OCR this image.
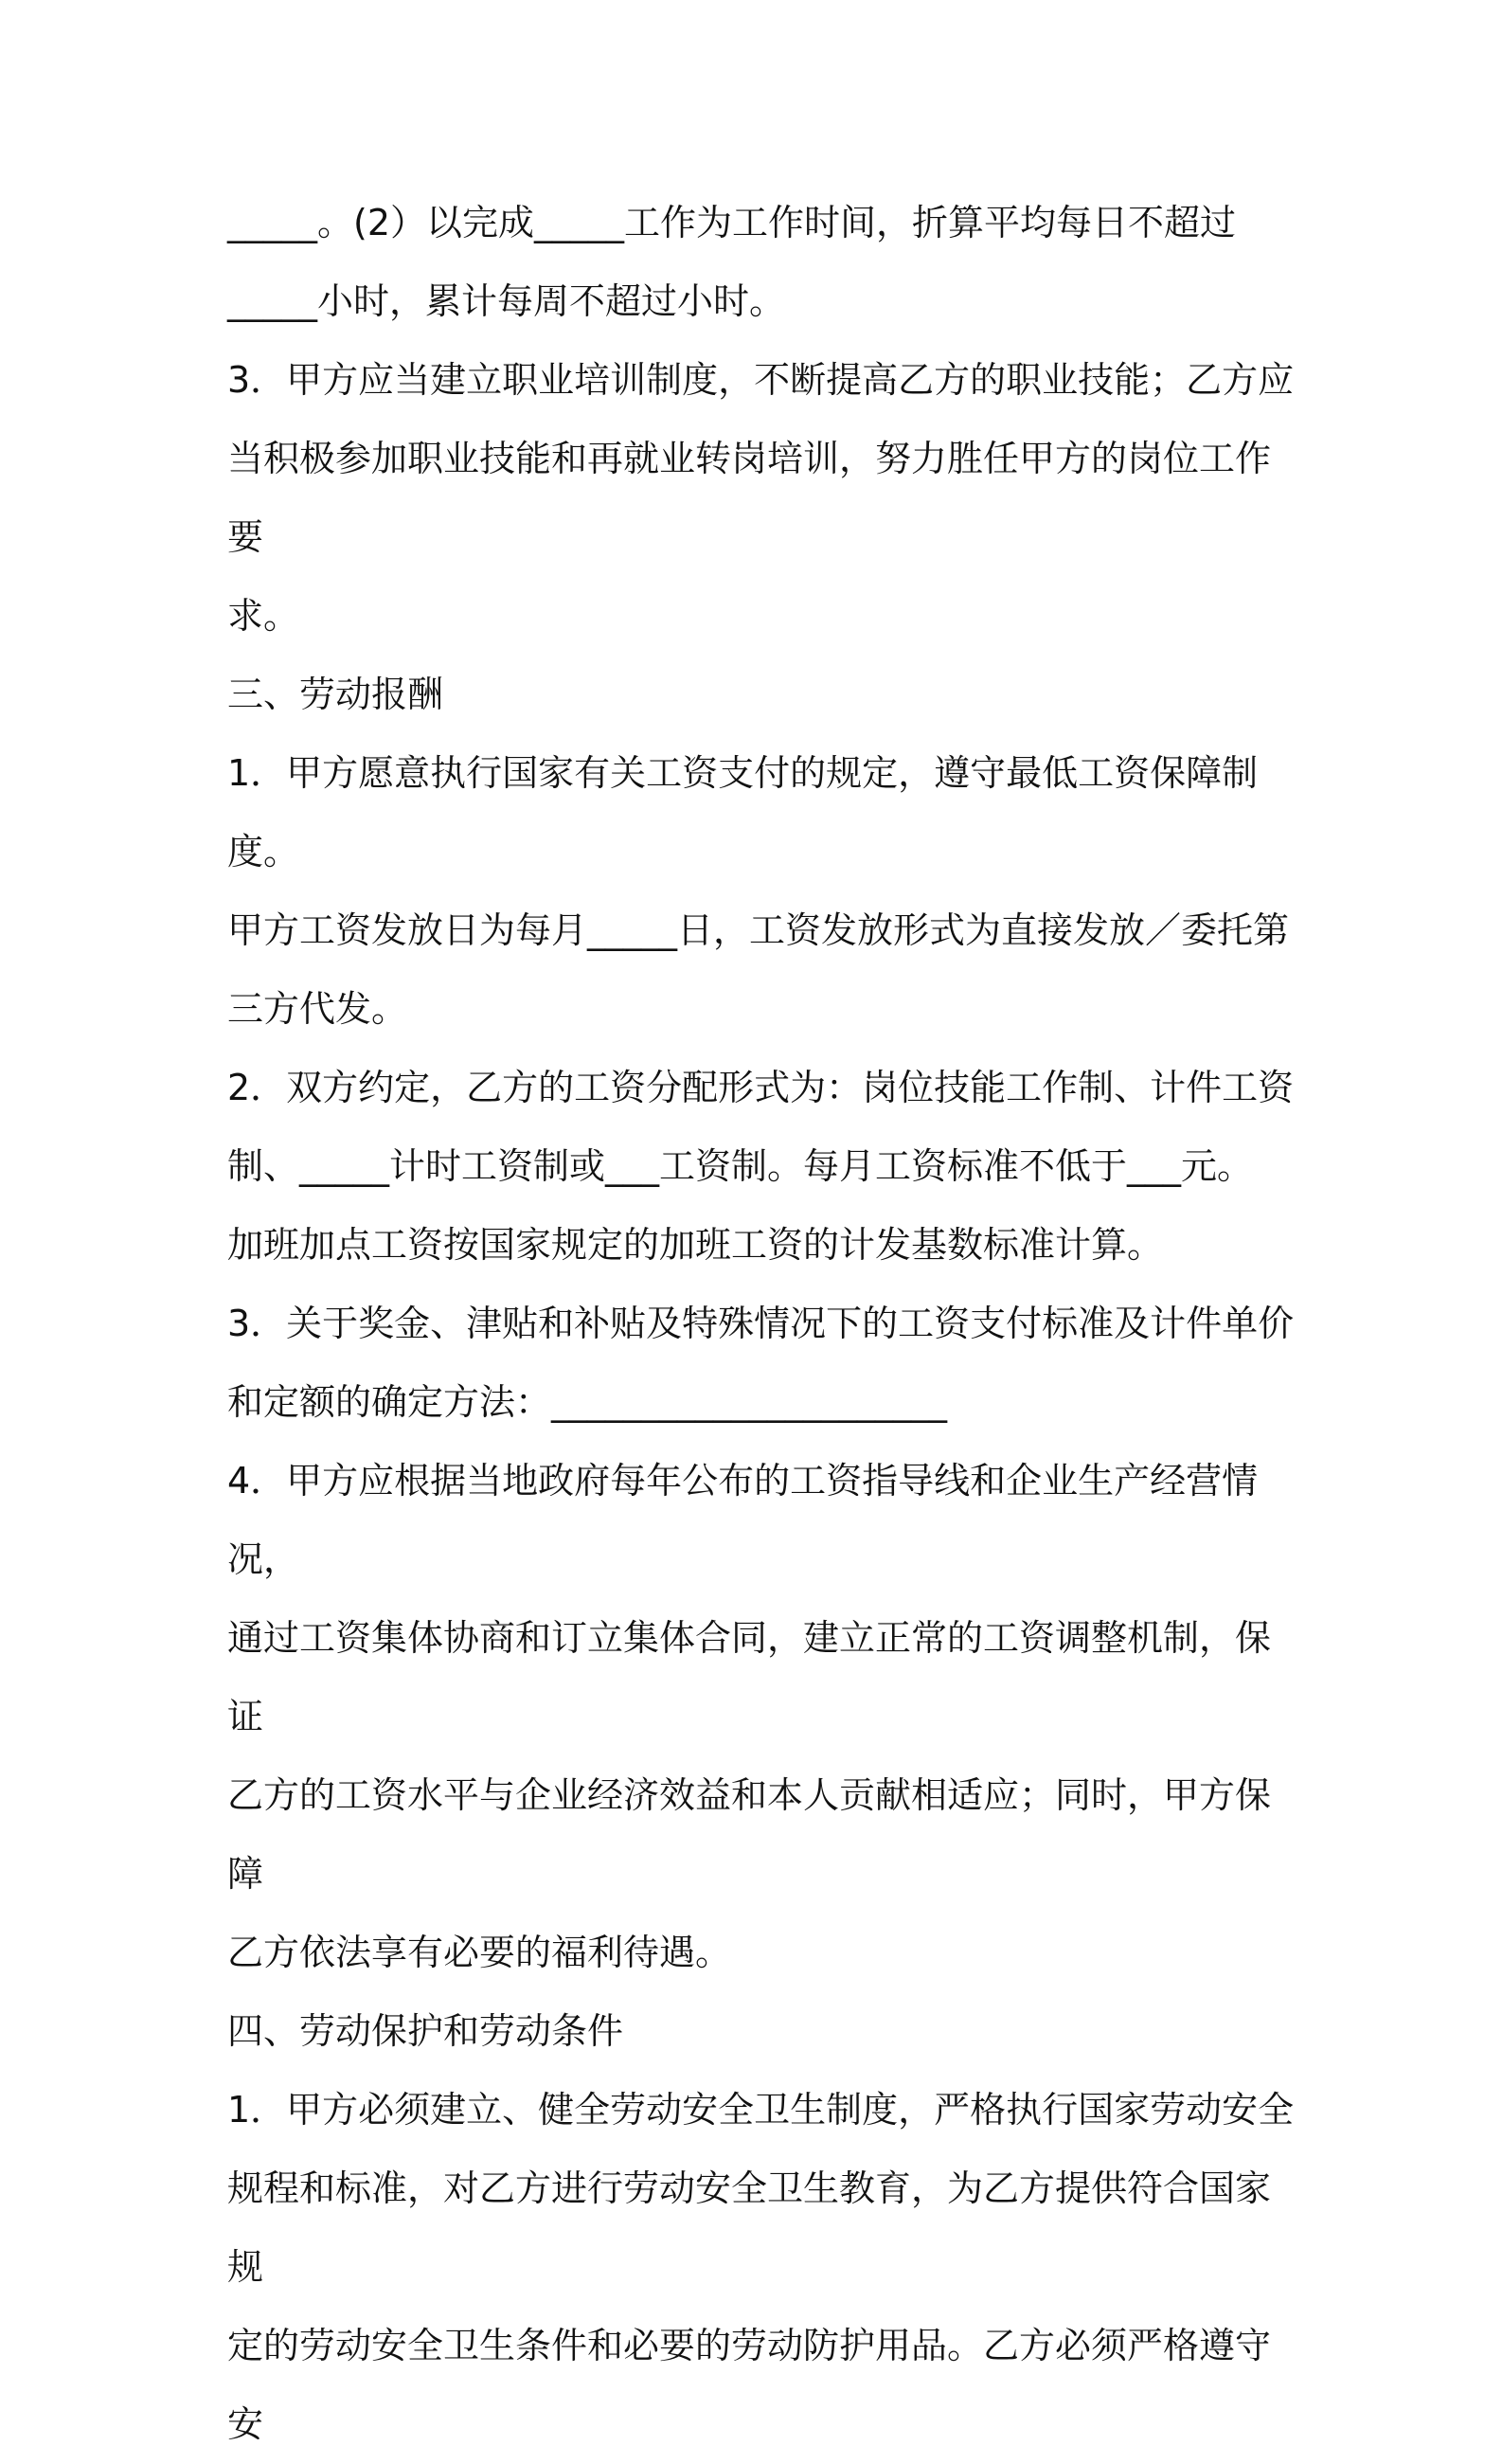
_____。(2）以完成_____工作为工作时间，折算平均每日不超过

_____小时，累计每周不超过小时。

3．甲方应当建立职业培训制度，不断提高乙方的职业技能；乙方应

当积极参加职业技能和再就业转岗培训，努力胜任甲方的岗位工作要

求。

三、劳动报酬

1．甲方愿意执行国家有关工资支付的规定，遵守最低工资保障制度。

甲方工资发放日为每月_____日，工资发放形式为直接发放／委托第

三方代发。

2．双方约定，乙方的工资分配形式为：岗位技能工作制、计件工资

制、_____计时工资制或___工资制。每月工资标准不低于___元。

加班加点工资按国家规定的加班工资的计发基数标准计算。

3．关于奖金、津贴和补贴及特殊情况下的工资支付标准及计件单价

和定额的确定方法：______________________

4．甲方应根据当地政府每年公布的工资指导线和企业生产经营情况，

通过工资集体协商和订立集体合同，建立正常的工资调整机制，保证

乙方的工资水平与企业经济效益和本人贡献相适应；同时，甲方保障

乙方依法享有必要的福利待遇。

四、劳动保护和劳动条件

1．甲方必须建立、健全劳动安全卫生制度，严格执行国家劳动安全

规程和标准，对乙方进行劳动安全卫生教育，为乙方提供符合国家规

定的劳动安全卫生条件和必要的劳动防护用品。乙方必须严格遵守安
